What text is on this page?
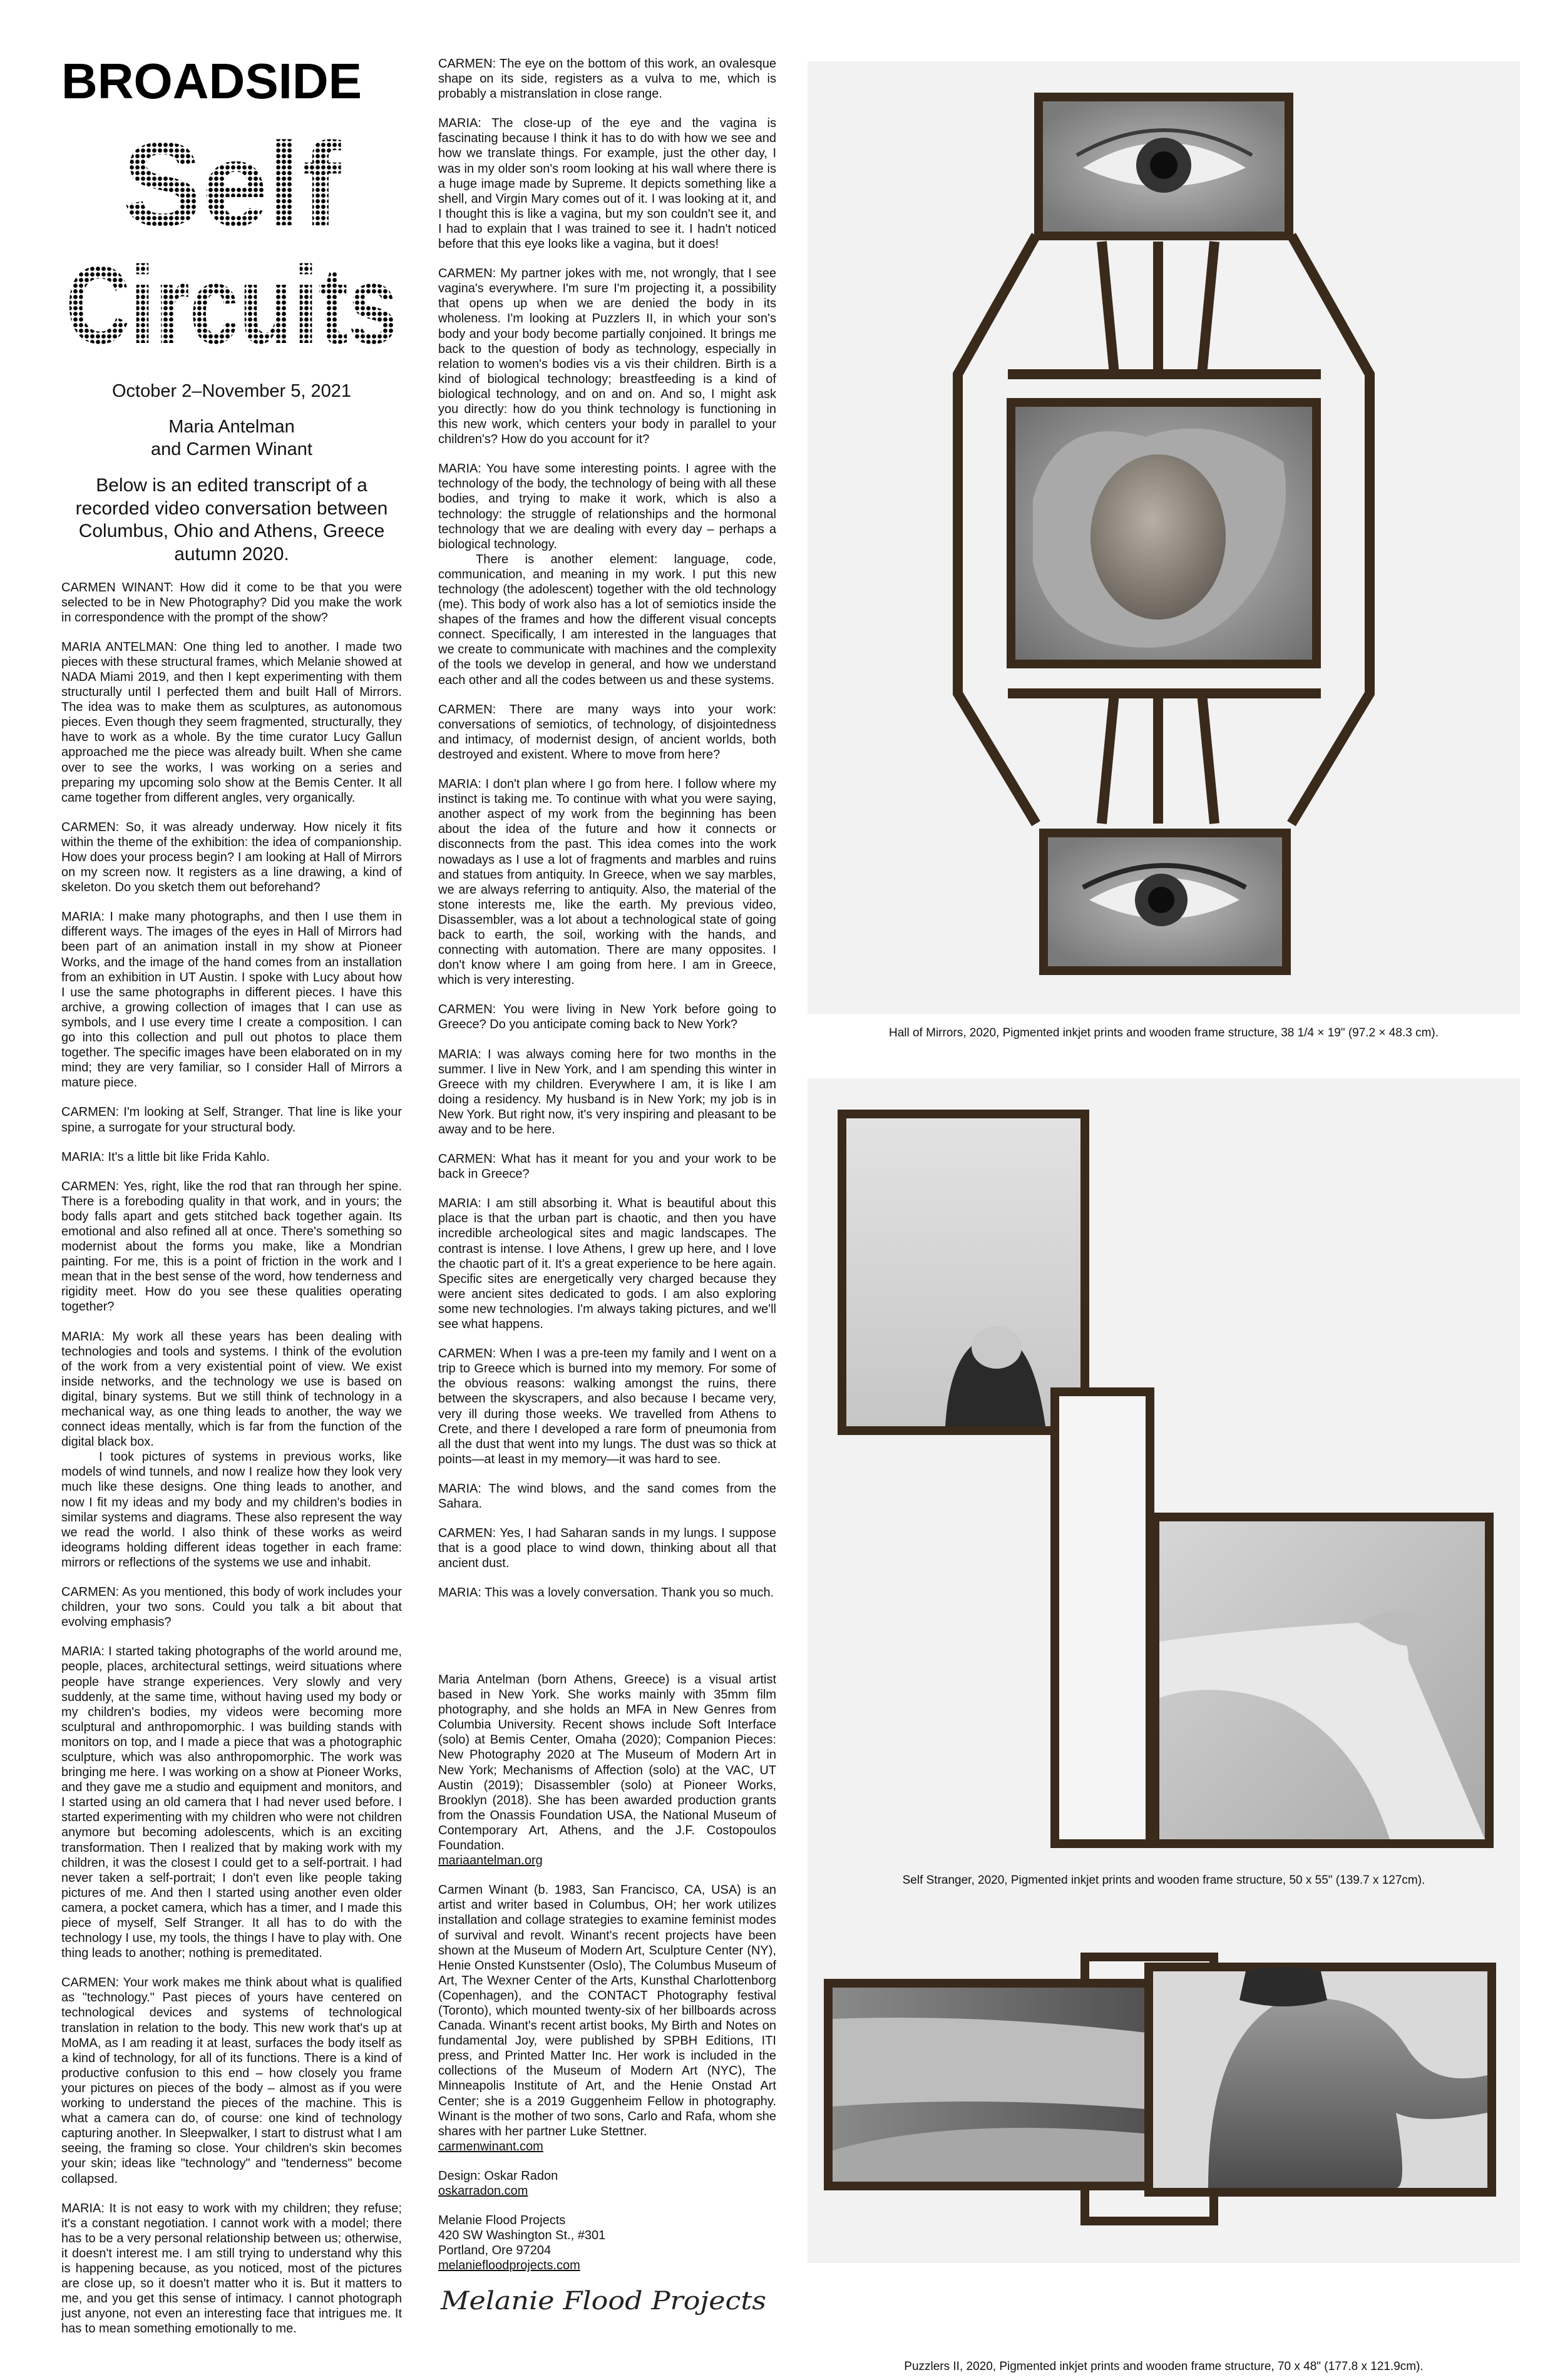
BROADSIDE
Self
Circuits

October 2–November 5, 2021

Maria Antelman
and Carmen Winant

Below is an edited transcript of a recorded video conversation between Columbus, Ohio and Athens, Greece autumn 2020.

CARMEN WINANT: How did it come to be that you were selected to be in New Photography? Did you make the work in correspondence with the prompt of the show?

MARIA ANTELMAN: One thing led to another. I made two pieces with these structural frames, which Melanie showed at NADA Miami 2019, and then I kept experimenting with them structurally until I perfected them and built Hall of Mirrors. The idea was to make them as sculptures, as autonomous pieces. Even though they seem fragmented, structurally, they have to work as a whole. By the time curator Lucy Gallun approached me the piece was already built. When she came over to see the works, I was working on a series and preparing my upcoming solo show at the Bemis Center. It all came together from different angles, very organically.

CARMEN: So, it was already underway. How nicely it fits within the theme of the exhibition: the idea of companionship. How does your process begin? I am looking at Hall of Mirrors on my screen now. It registers as a line drawing, a kind of skeleton. Do you sketch them out beforehand?

MARIA: I make many photographs, and then I use them in different ways. The images of the eyes in Hall of Mirrors had been part of an animation install in my show at Pioneer Works, and the image of the hand comes from an installation from an exhibition in UT Austin. I spoke with Lucy about how I use the same photographs in different pieces. I have this archive, a growing collection of images that I can use as symbols, and I use every time I create a composition. I can go into this collection and pull out photos to place them together. The specific images have been elaborated on in my mind; they are very familiar, so I consider Hall of Mirrors a mature piece.

CARMEN: I'm looking at Self, Stranger. That line is like your spine, a surrogate for your structural body.

MARIA: It's a little bit like Frida Kahlo.

CARMEN: Yes, right, like the rod that ran through her spine. There is a foreboding quality in that work, and in yours; the body falls apart and gets stitched back together again. Its emotional and also refined all at once. There's something so modernist about the forms you make, like a Mondrian painting. For me, this is a point of friction in the work and I mean that in the best sense of the word, how tenderness and rigidity meet. How do you see these qualities operating together?

MARIA: My work all these years has been dealing with technologies and tools and systems. I think of the evolution of the work from a very existential point of view. We exist inside networks, and the technology we use is based on digital, binary systems. But we still think of technology in a mechanical way, as one thing leads to another, the way we connect ideas mentally, which is far from the function of the digital black box.

I took pictures of systems in previous works, like models of wind tunnels, and now I realize how they look very much like these designs. One thing leads to another, and now I fit my ideas and my body and my children's bodies in similar systems and diagrams. These also represent the way we read the world. I also think of these works as weird ideograms holding different ideas together in each frame: mirrors or reflections of the systems we use and inhabit.

CARMEN: As you mentioned, this body of work includes your children, your two sons. Could you talk a bit about that evolving emphasis?

MARIA: I started taking photographs of the world around me, people, places, architectural settings, weird situations where people have strange experiences. Very slowly and very suddenly, at the same time, without having used my body or my children's bodies, my videos were becoming more sculptural and anthropomorphic. I was building stands with monitors on top, and I made a piece that was a photographic sculpture, which was also anthropomorphic. The work was bringing me here. I was working on a show at Pioneer Works, and they gave me a studio and equipment and monitors, and I started using an old camera that I had never used before. I started experimenting with my children who were not children anymore but becoming adolescents, which is an exciting transformation. Then I realized that by making work with my children, it was the closest I could get to a self-portrait. I had never taken a self-portrait; I don't even like people taking pictures of me. And then I started using another even older camera, a pocket camera, which has a timer, and I made this piece of myself, Self Stranger. It all has to do with the technology I use, my tools, the things I have to play with. One thing leads to another; nothing is premeditated.

CARMEN: Your work makes me think about what is qualified as "technology." Past pieces of yours have centered on technological devices and systems of technological translation in relation to the body. This new work that's up at MoMA, as I am reading it at least, surfaces the body itself as a kind of technology, for all of its functions. There is a kind of productive confusion to this end – how closely you frame your pictures on pieces of the body – almost as if you were working to understand the pieces of the machine. This is what a camera can do, of course: one kind of technology capturing another. In Sleepwalker, I start to distrust what I am seeing, the framing so close. Your children's skin becomes your skin; ideas like "technology" and "tenderness" become collapsed.

MARIA: It is not easy to work with my children; they refuse; it's a constant negotiation. I cannot work with a model; there has to be a very personal relationship between us; otherwise, it doesn't interest me. I am still trying to understand why this is happening because, as you noticed, most of the pictures are close up, so it doesn't matter who it is. But it matters to me, and you get this sense of intimacy. I cannot photograph just anyone, not even an interesting face that intrigues me. It has to mean something emotionally to me.

CARMEN: The eye on the bottom of this work, an ovalesque shape on its side, registers as a vulva to me, which is probably a mistranslation in close range.

MARIA: The close-up of the eye and the vagina is fascinating because I think it has to do with how we see and how we translate things. For example, just the other day, I was in my older son's room looking at his wall where there is a huge image made by Supreme. It depicts something like a shell, and Virgin Mary comes out of it. I was looking at it, and I thought this is like a vagina, but my son couldn't see it, and I had to explain that I was trained to see it. I hadn't noticed before that this eye looks like a vagina, but it does!

CARMEN: My partner jokes with me, not wrongly, that I see vagina's everywhere. I'm sure I'm projecting it, a possibility that opens up when we are denied the body in its wholeness. I'm looking at Puzzlers II, in which your son's body and your body become partially conjoined. It brings me back to the question of body as technology, especially in relation to women's bodies vis a vis their children. Birth is a kind of biological technology; breastfeeding is a kind of biological technology, and on and on. And so, I might ask you directly: how do you think technology is functioning in this new work, which centers your body in parallel to your children's? How do you account for it?

MARIA: You have some interesting points. I agree with the technology of the body, the technology of being with all these bodies, and trying to make it work, which is also a technology: the struggle of relationships and the hormonal technology that we are dealing with every day – perhaps a biological technology.

There is another element: language, code, communication, and meaning in my work. I put this new technology (the adolescent) together with the old technology (me). This body of work also has a lot of semiotics inside the shapes of the frames and how the different visual concepts connect. Specifically, I am interested in the languages that we create to communicate with machines and the complexity of the tools we develop in general, and how we understand each other and all the codes between us and these systems.

CARMEN: There are many ways into your work: conversations of semiotics, of technology, of disjointedness and intimacy, of modernist design, of ancient worlds, both destroyed and existent. Where to move from here?

MARIA: I don't plan where I go from here. I follow where my instinct is taking me. To continue with what you were saying, another aspect of my work from the beginning has been about the idea of the future and how it connects or disconnects from the past. This idea comes into the work nowadays as I use a lot of fragments and marbles and ruins and statues from antiquity. In Greece, when we say marbles, we are always referring to antiquity. Also, the material of the stone interests me, like the earth. My previous video, Disassembler, was a lot about a technological state of going back to earth, the soil, working with the hands, and connecting with automation. There are many opposites. I don't know where I am going from here. I am in Greece, which is very interesting.

CARMEN: You were living in New York before going to Greece? Do you anticipate coming back to New York?

MARIA: I was always coming here for two months in the summer. I live in New York, and I am spending this winter in Greece with my children. Everywhere I am, it is like I am doing a residency. My husband is in New York; my job is in New York. But right now, it's very inspiring and pleasant to be away and to be here.

CARMEN: What has it meant for you and your work to be back in Greece?

MARIA: I am still absorbing it. What is beautiful about this place is that the urban part is chaotic, and then you have incredible archeological sites and magic landscapes. The contrast is intense. I love Athens, I grew up here, and I love the chaotic part of it. It's a great experience to be here again. Specific sites are energetically very charged because they were ancient sites dedicated to gods. I am also exploring some new technologies. I'm always taking pictures, and we'll see what happens.

CARMEN: When I was a pre-teen my family and I went on a trip to Greece which is burned into my memory. For some of the obvious reasons: walking amongst the ruins, there between the skyscrapers, and also because I became very, very ill during those weeks. We travelled from Athens to Crete, and there I developed a rare form of pneumonia from all the dust that went into my lungs. The dust was so thick at points—at least in my memory—it was hard to see.

MARIA: The wind blows, and the sand comes from the Sahara.

CARMEN: Yes, I had Saharan sands in my lungs. I suppose that is a good place to wind down, thinking about all that ancient dust.

MARIA: This was a lovely conversation. Thank you so much.

Maria Antelman (born Athens, Greece) is a visual artist based in New York. She works mainly with 35mm film photography, and she holds an MFA in New Genres from Columbia University. Recent shows include Soft Interface (solo) at Bemis Center, Omaha (2020); Companion Pieces: New Photography 2020 at The Museum of Modern Art in New York; Mechanisms of Affection (solo) at the VAC, UT Austin (2019); Disassembler (solo) at Pioneer Works, Brooklyn (2018). She has been awarded production grants from the Onassis Foundation USA, the National Museum of Contemporary Art, Athens, and the J.F. Costopoulos Foundation.

mariaantelman.org

Carmen Winant (b. 1983, San Francisco, CA, USA) is an artist and writer based in Columbus, OH; her work utilizes installation and collage strategies to examine feminist modes of survival and revolt. Winant's recent projects have been shown at the Museum of Modern Art, Sculpture Center (NY), Henie Onsted Kunstsenter (Oslo), The Columbus Museum of Art, The Wexner Center of the Arts, Kunsthal Charlottenborg (Copenhagen), and the CONTACT Photography festival (Toronto), which mounted twenty-six of her billboards across Canada. Winant's recent artist books, My Birth and Notes on fundamental Joy, were published by SPBH Editions, ITI press, and Printed Matter Inc. Her work is included in the collections of the Museum of Modern Art (NYC), The Minneapolis Institute of Art, and the Henie Onstad Art Center; she is a 2019 Guggenheim Fellow in photography. Winant is the mother of two sons, Carlo and Rafa, whom she shares with her partner Luke Stettner.

carmenwinant.com

Design: Oskar Radon

oskarradon.com

Melanie Flood Projects

420 SW Washington St., #301

Portland, Ore 97204

melaniefloodprojects.com

Melanie Flood Projects
Hall of Mirrors, 2020, Pigmented inkjet prints and wooden frame structure, 38 1/4 × 19" (97.2 × 48.3 cm).
Self Stranger, 2020, Pigmented inkjet prints and wooden frame structure, 50 x 55" (139.7 x 127cm).
Puzzlers II, 2020, Pigmented inkjet prints and wooden frame structure, 70 x 48" (177.8 x 121.9cm).
